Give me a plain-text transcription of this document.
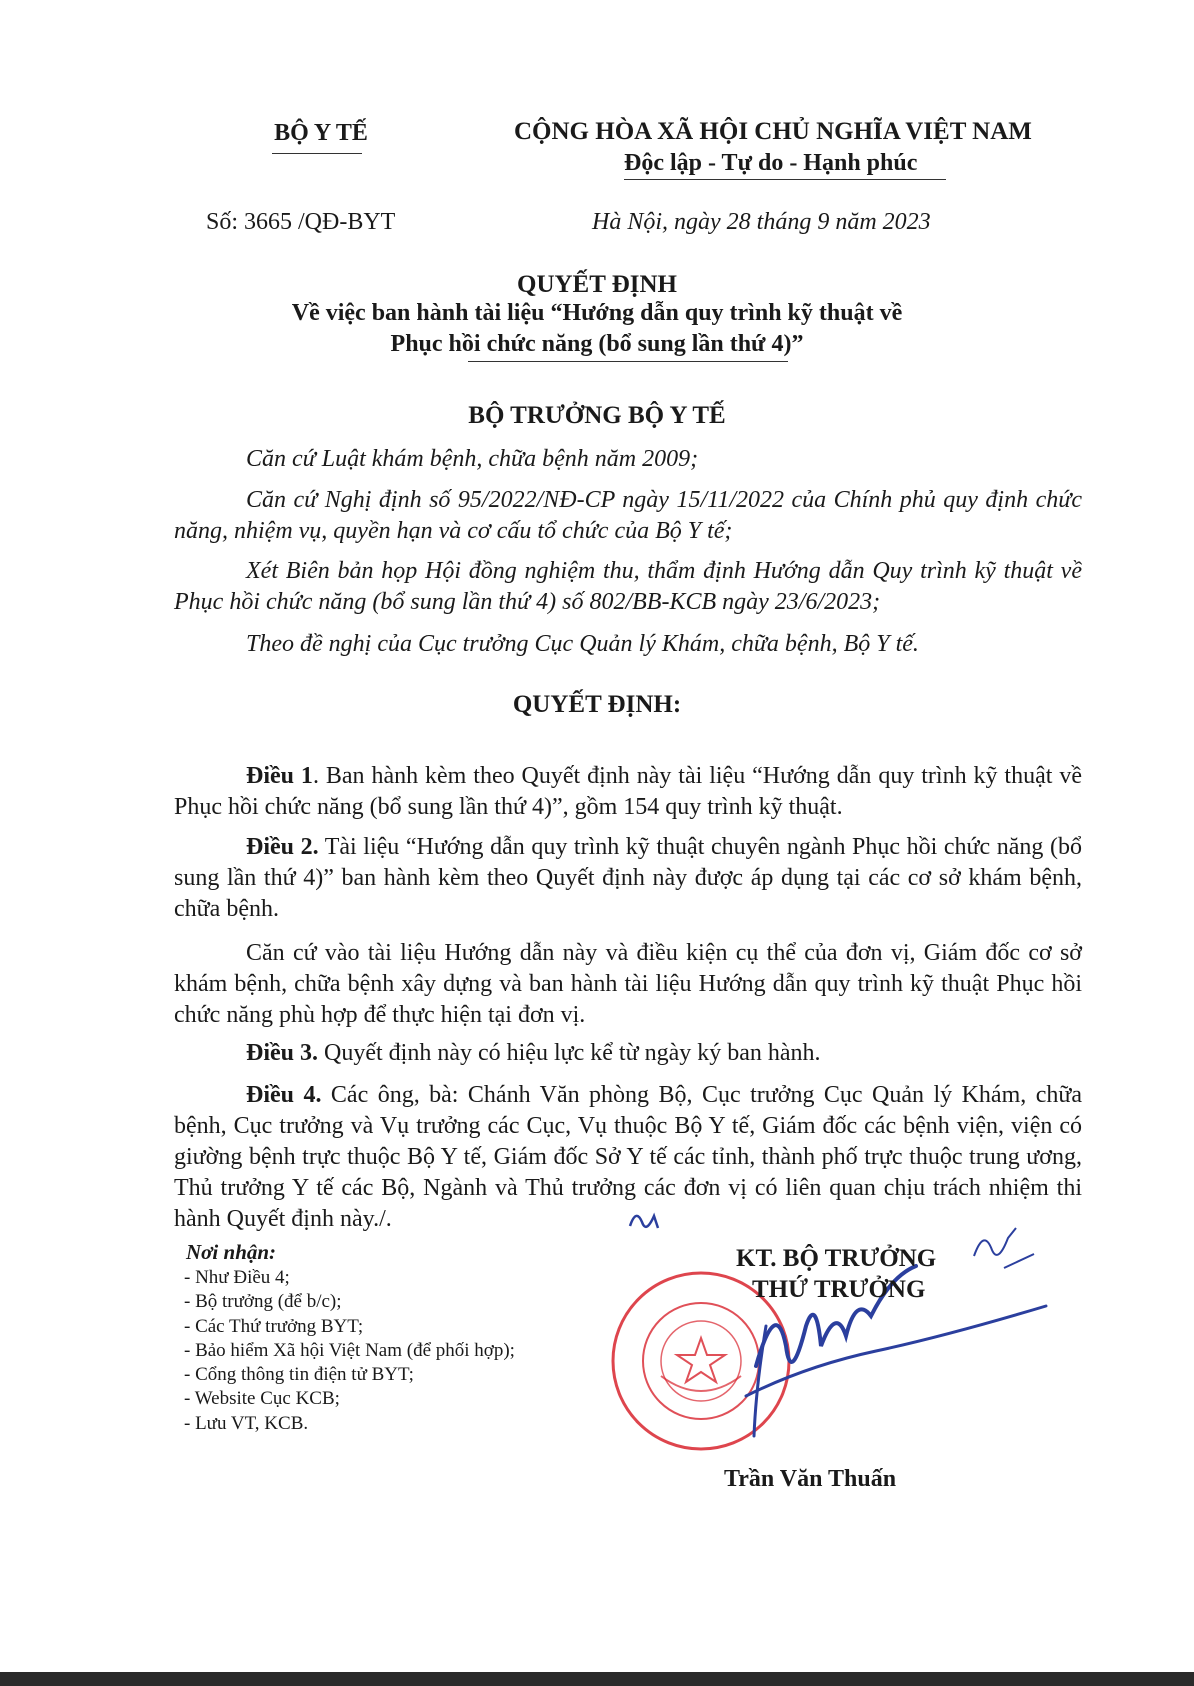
BỘ Y TẾ	CỘNG HÒA XÃ HỘI CHỦ NGHĨA VIỆT NAM
Độc lập - Tự do - Hạnh phúc
Số: 3665 /QĐ-BYT	Hà Nội, ngày 28 tháng 9 năm 2023
QUYẾT ĐỊNH
Về việc ban hành tài liệu “Hướng dẫn quy trình kỹ thuật về
Phục hồi chức năng (bổ sung lần thứ 4)”
BỘ TRƯỞNG BỘ Y TẾ
Căn cứ Luật khám bệnh, chữa bệnh năm 2009;
Căn cứ Nghị định số 95/2022/NĐ-CP ngày 15/11/2022 của Chính phủ quy định chức năng, nhiệm vụ, quyền hạn và cơ cấu tổ chức của Bộ Y tế;
Xét Biên bản họp Hội đồng nghiệm thu, thẩm định Hướng dẫn Quy trình kỹ thuật về Phục hồi chức năng (bổ sung lần thứ 4) số 802/BB-KCB ngày 23/6/2023;
Theo đề nghị của Cục trưởng Cục Quản lý Khám, chữa bệnh, Bộ Y tế.
QUYẾT ĐỊNH:
Điều 1. Ban hành kèm theo Quyết định này tài liệu “Hướng dẫn quy trình kỹ thuật về Phục hồi chức năng (bổ sung lần thứ 4)”, gồm 154 quy trình kỹ thuật.
Điều 2. Tài liệu “Hướng dẫn quy trình kỹ thuật chuyên ngành Phục hồi chức năng (bổ sung lần thứ 4)” ban hành kèm theo Quyết định này được áp dụng tại các cơ sở khám bệnh, chữa bệnh.
Căn cứ vào tài liệu Hướng dẫn này và điều kiện cụ thể của đơn vị, Giám đốc cơ sở khám bệnh, chữa bệnh xây dựng và ban hành tài liệu Hướng dẫn quy trình kỹ thuật Phục hồi chức năng phù hợp để thực hiện tại đơn vị.
Điều 3. Quyết định này có hiệu lực kể từ ngày ký ban hành.
Điều 4. Các ông, bà: Chánh Văn phòng Bộ, Cục trưởng Cục Quản lý Khám, chữa bệnh, Cục trưởng và Vụ trưởng các Cục, Vụ thuộc Bộ Y tế, Giám đốc các bệnh viện, viện có giường bệnh trực thuộc Bộ Y tế, Giám đốc Sở Y tế các tỉnh, thành phố trực thuộc trung ương, Thủ trưởng Y tế các Bộ, Ngành và Thủ trưởng các đơn vị có liên quan chịu trách nhiệm thi hành Quyết định này./.
Nơi nhận:
- Như Điều 4;
- Bộ trưởng (để b/c);
- Các Thứ trưởng BYT;
- Bảo hiểm Xã hội Việt Nam (để phối hợp);
- Cổng thông tin điện tử BYT;
- Website Cục KCB;
- Lưu VT, KCB.
KT. BỘ TRƯỞNG
THỨ TRƯỞNG
Trần Văn Thuấn
